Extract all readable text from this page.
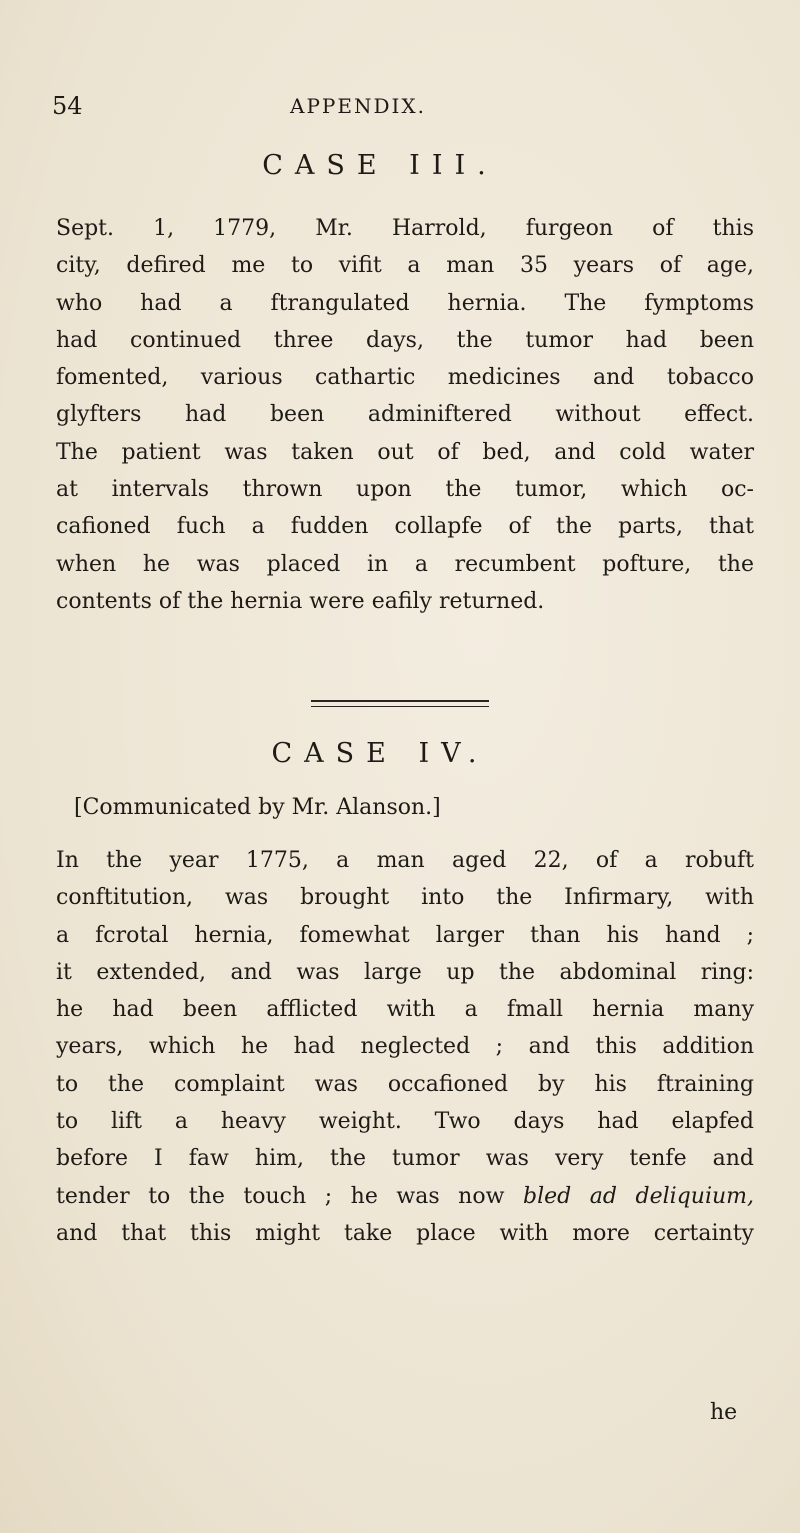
54	APPENDIX.
CASE III.
Sept. 1, 1779, Mr. Harrold, furgeon of this
city, defired me to vifit a man 35 years of age,
who had a ftrangulated hernia. The fymptoms
had continued three days, the tumor had been
fomented, various cathartic medicines and tobacco
glyfters had been adminiftered without effect.
The patient was taken out of bed, and cold water
at intervals thrown upon the tumor, which oc-
cafioned fuch a fudden collapfe of the parts, that
when he was placed in a recumbent pofture, the
contents of the hernia were eafily returned.
CASE IV.
[Communicated by Mr. Alanson.]
In the year 1775, a man aged 22, of a robuft
conftitution, was brought into the Infirmary, with
a fcrotal hernia, fomewhat larger than his hand ;
it extended, and was large up the abdominal ring:
he had been afflicted with a fmall hernia many
years, which he had neglected ; and this addition
to the complaint was occafioned by his ftraining
to lift a heavy weight. Two days had elapfed
before I faw him, the tumor was very tenfe and
tender to the touch ; he was now bled ad deliquium,
and that this might take place with more certainty
he
